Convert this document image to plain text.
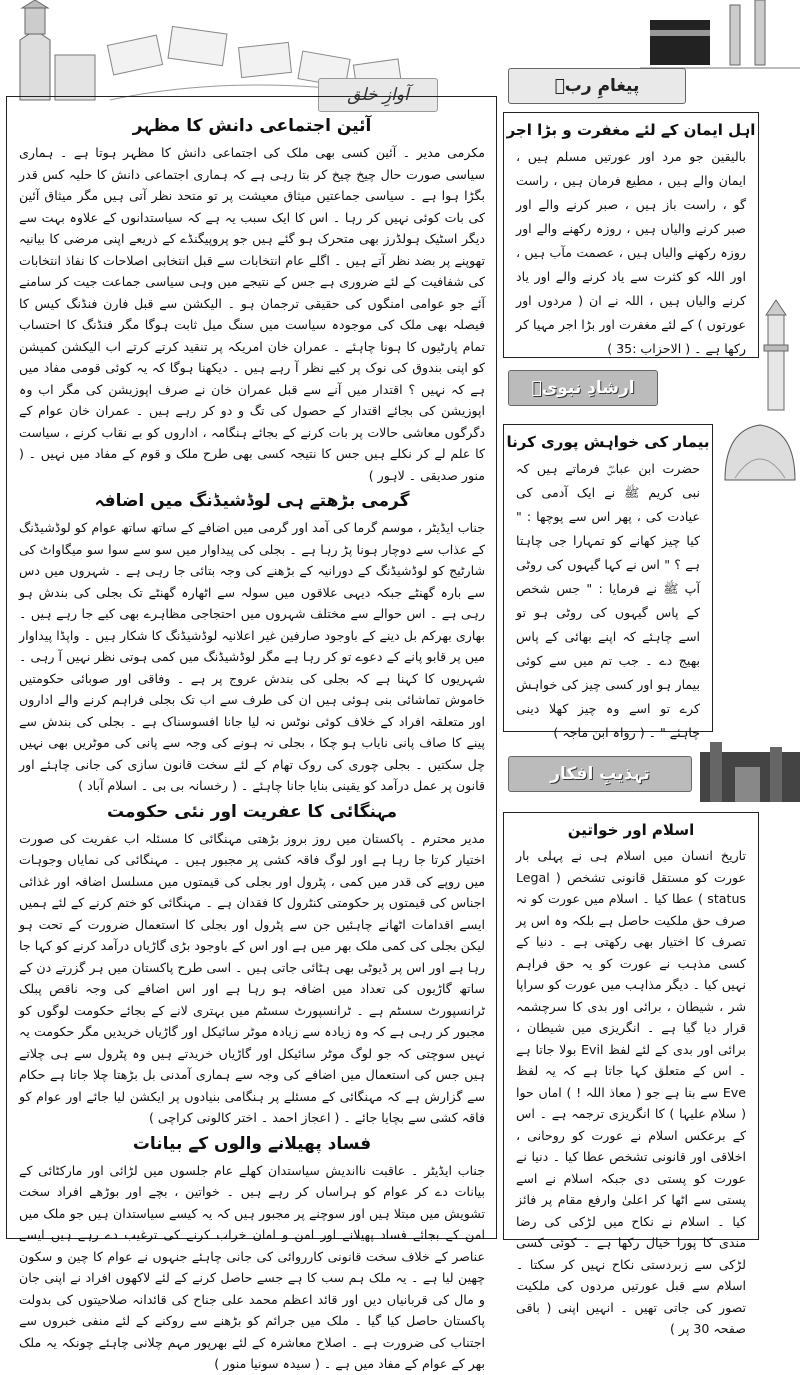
آوازِ خلق
آئین اجتماعی دانش کا مظہر

مکرمی مدیر ۔ آئین کسی بھی ملک کی اجتماعی دانش کا مظہر ہوتا ہے ۔ ہماری سیاسی صورت حال چیخ چیخ کر بتا رہی ہے کہ ہماری اجتماعی دانش کا حلیہ کس قدر بگڑا ہوا ہے ۔ سیاسی جماعتیں میثاق معیشت پر تو متحد نظر آتی ہیں مگر میثاق آئین کی بات کوئی نہیں کر رہا ۔ اس کا ایک سبب یہ ہے کہ سیاستدانوں کے علاوہ بہت سے دیگر اسٹیک ہولڈرز بھی متحرک ہو گئے ہیں جو پروپیگنڈے کے ذریعے اپنی مرضی کا بیانیہ تھوپنے پر بضد نظر آتے ہیں ۔ اگلے عام انتخابات سے قبل انتخابی اصلاحات کا نفاذ انتخابات کی شفافیت کے لئے ضروری ہے جس کے نتیجے میں وہی سیاسی جماعت جیت کر سامنے آئے جو عوامی امنگوں کی حقیقی ترجمان ہو ۔ الیکشن سے قبل فارن فنڈنگ کیس کا فیصلہ بھی ملک کی موجودہ سیاست میں سنگ میل ثابت ہوگا مگر فنڈنگ کا احتساب تمام پارٹیوں کا ہونا چاہئے ۔ عمران خان امریکہ پر تنقید کرتے کرتے اب الیکشن کمیشن کو اپنی بندوق کی نوک پر کیے نظر آ رہے ہیں ۔ دیکھنا ہوگا کہ یہ کوئی قومی مفاد میں ہے کہ نہیں ؟ اقتدار میں آنے سے قبل عمران خان نے صرف اپوزیشن کی مگر اب وہ اپوزیشن کی بجائے اقتدار کے حصول کی تگ و دو کر رہے ہیں ۔ عمران خان عوام کے دگرگوں معاشی حالات پر بات کرنے کے بجائے ہنگامہ ، اداروں کو بے نقاب کرنے ، سیاست کا علم لے کر نکلے ہیں جس کا نتیجہ کسی بھی طرح ملک و قوم کے مفاد میں نہیں ۔ ( منور صدیقی ۔ لاہور )

گرمی بڑھتے ہی لوڈشیڈنگ میں اضافہ

جناب ایڈیٹر ، موسم گرما کی آمد اور گرمی میں اضافے کے ساتھ ساتھ عوام کو لوڈشیڈنگ کے عذاب سے دوچار ہونا پڑ رہا ہے ۔ بجلی کی پیداوار میں سو سے سوا سو میگاواٹ کی شارٹیج کو لوڈشیڈنگ کے دورانیہ کے بڑھنے کی وجہ بتائی جا رہی ہے ۔ شہروں میں دس سے بارہ گھنٹے جبکہ دیہی علاقوں میں سولہ سے اٹھارہ گھنٹے تک بجلی کی بندش ہو رہی ہے ۔ اس حوالے سے مختلف شہروں میں احتجاجی مظاہرے بھی کیے جا رہے ہیں ۔ بھاری بھرکم بل دینے کے باوجود صارفین غیر اعلانیہ لوڈشیڈنگ کا شکار ہیں ۔ واپڈا پیداوار میں پر قابو پانے کے دعوے تو کر رہا ہے مگر لوڈشیڈنگ میں کمی ہوتی نظر نہیں آ رہی ۔ شہریوں کا کہنا ہے کہ بجلی کی بندش عروج پر ہے ۔ وفاقی اور صوبائی حکومتیں خاموش تماشائی بنی ہوئی ہیں ان کی طرف سے اب تک بجلی فراہم کرنے والے اداروں اور متعلقہ افراد کے خلاف کوئی نوٹس نہ لیا جانا افسوسناک ہے ۔ بجلی کی بندش سے پینے کا صاف پانی نایاب ہو چکا ، بجلی نہ ہونے کی وجہ سے پانی کی موٹریں بھی نہیں چل سکتیں ۔ بجلی چوری کی روک تھام کے لئے سخت قانون سازی کی جانی چاہئے اور قانون پر عمل درآمد کو یقینی بنایا جانا چاہئے ۔ ( رخسانہ بی بی ۔ اسلام آباد )

مہنگائی کا عفریت اور نئی حکومت

مدیر محترم ۔ پاکستان میں روز بروز بڑھتی مہنگائی کا مسئلہ اب عفریت کی صورت اختیار کرتا جا رہا ہے اور لوگ فاقہ کشی پر مجبور ہیں ۔ مہنگائی کی نمایاں وجوہات میں روپے کی قدر میں کمی ، پٹرول اور بجلی کی قیمتوں میں مسلسل اضافہ اور غذائی اجناس کی قیمتوں پر حکومتی کنٹرول کا فقدان ہے ۔ مہنگائی کو ختم کرنے کے لئے ہمیں ایسے اقدامات اٹھانے چاہئیں جن سے پٹرول اور بجلی کا استعمال ضرورت کے تحت ہو لیکن بجلی کی کمی ملک بھر میں ہے اور اس کے باوجود بڑی گاڑیاں درآمد کرنے کو کہا جا رہا ہے اور اس پر ڈیوٹی بھی ہٹائی جاتی ہیں ۔ اسی طرح پاکستان میں ہر گزرتے دن کے ساتھ گاڑیوں کی تعداد میں اضافہ ہو رہا ہے اور اس اضافے کی وجہ ناقص پبلک ٹرانسپورٹ سسٹم ہے ۔ ٹرانسپورٹ سسٹم میں بہتری لانے کے بجائے حکومت لوگوں کو مجبور کر رہی ہے کہ وہ زیادہ سے زیادہ موٹر سائیکل اور گاڑیاں خریدیں مگر حکومت یہ نہیں سوچتی کہ جو لوگ موٹر سائیکل اور گاڑیاں خریدتے ہیں وہ پٹرول سے ہی چلاتے ہیں جس کی استعمال میں اضافے کی وجہ سے ہماری آمدنی بل بڑھتا چلا جاتا ہے حکام سے گزارش ہے کہ مہنگائی کے مسئلے پر ہنگامی بنیادوں پر ایکشن لیا جائے اور عوام کو فاقہ کشی سے بچایا جائے ۔ ( اعجاز احمد ۔ اختر کالونی کراچی )

فساد پھیلانے والوں کے بیانات

جناب ایڈیٹر ۔ عاقبت نااندیش سیاستدان کھلے عام جلسوں میں لڑائی اور مارکٹائی کے بیانات دے کر عوام کو ہراساں کر رہے ہیں ۔ خواتین ، بچے اور بوڑھے افراد سخت تشویش میں مبتلا ہیں اور سوچنے پر مجبور ہیں کہ یہ کیسے سیاستدان ہیں جو ملک میں امن کے بجائے فساد پھیلانے اور امن و امان خراب کرنے کی ترغیب دے رہے ہیں ایسے عناصر کے خلاف سخت قانونی کارروائی کی جانی چاہئے جنہوں نے عوام کا چین و سکون چھین لیا ہے ۔ یہ ملک ہم سب کا ہے جسے حاصل کرنے کے لئے لاکھوں افراد نے اپنی جان و مال کی قربانیاں دیں اور قائد اعظم محمد علی جناح کی قائدانہ صلاحیتوں کی بدولت پاکستان حاصل کیا گیا ۔ ملک میں جرائم کو بڑھنے سے روکنے کے لئے منفی خبروں سے اجتناب کی ضرورت ہے ۔ اصلاح معاشرہ کے لئے بھرپور مہم چلانی چاہئے چونکہ یہ ملک بھر کے عوام کے مفاد میں ہے ۔ ( سیدہ سونیا منور )

پیغامِ ربؐ
اہل ایمان کے لئے مغفرت و بڑا اجر

بالیقین جو مرد اور عورتیں مسلم ہیں ، ایمان والے ہیں ، مطیع فرمان ہیں ، راست گو ، راست باز ہیں ، صبر کرنے والے اور صبر کرنے والیاں ہیں ، روزہ رکھنے والے اور روزہ رکھنے والیاں ہیں ، عصمت مآب ہیں ، اور اللہ کو کثرت سے یاد کرنے والے اور یاد کرنے والیاں ہیں ، اللہ نے ان ( مردوں اور عورتوں ) کے لئے مغفرت اور بڑا اجر مہیا کر رکھا ہے ۔ ( الاحزاب :35 )

ارشادِ نبویؐ
بیمار کی خواہش پوری کرنا

حضرت ابن عباسؓ فرماتے ہیں کہ نبی کریم ﷺ نے ایک آدمی کی عیادت کی ، پھر اس سے پوچھا : " کیا چیز کھانے کو تمہارا جی چاہتا ہے ؟ " اس نے کہا گیہوں کی روٹی آپ ﷺ نے فرمایا : " جس شخص کے پاس گیہوں کی روٹی ہو تو اسے چاہئے کہ اپنے بھائی کے پاس بھیج دے ۔ جب تم میں سے کوئی بیمار ہو اور کسی چیز کی خواہش کرے تو اسے وہ چیز کھلا دینی چاہئے " ۔ ( رواہ ابن ماجہ )

تہذیبِ افکار
اسلام اور خواتین

تاریخ انسان میں اسلام ہی نے پہلی بار عورت کو مستقل قانونی تشخص ( Legal status ) عطا کیا ۔ اسلام میں عورت کو نہ صرف حق ملکیت حاصل ہے بلکہ وہ اس پر تصرف کا اختیار بھی رکھتی ہے ۔ دنیا کے کسی مذہب نے عورت کو یہ حق فراہم نہیں کیا ۔ دیگر مذاہب میں عورت کو سراپا شر ، شیطان ، برائی اور بدی کا سرچشمہ قرار دیا گیا ہے ۔ انگریزی میں شیطان ، برائی اور بدی کے لئے لفظ Evil بولا جاتا ہے ۔ اس کے متعلق کہا جاتا ہے کہ یہ لفظ Eve سے بنا ہے جو ( معاذ اللہ ! ) اماں حوا ( سلام علیہا ) کا انگریزی ترجمہ ہے ۔ اس کے برعکس اسلام نے عورت کو روحانی ، اخلاقی اور قانونی تشخص عطا کیا ۔ دنیا نے عورت کو پستی دی جبکہ اسلام نے اسے پستی سے اٹھا کر اعلیٰ وارفع مقام پر فائز کیا ۔ اسلام نے نکاح میں لڑکی کی رضا مندی کا پورا خیال رکھا ہے ۔ کوئی کسی لڑکی سے زبردستی نکاح نہیں کر سکتا ۔ اسلام سے قبل عورتیں مردوں کی ملکیت تصور کی جاتی تھیں ۔ انہیں اپنی ( باقی صفحہ 30 پر )
